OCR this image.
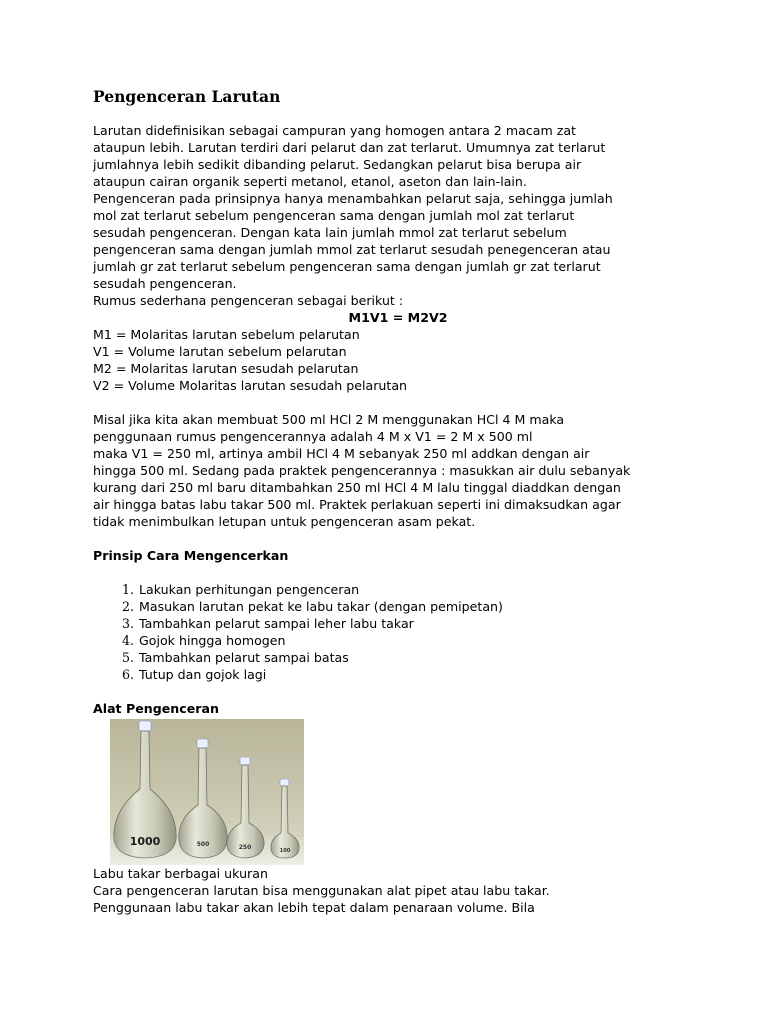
Pengenceran Larutan

Larutan didefinisikan sebagai campuran yang homogen antara 2 macam zat

ataupun lebih. Larutan terdiri dari pelarut dan zat terlarut. Umumnya zat terlarut

jumlahnya lebih sedikit dibanding pelarut. Sedangkan pelarut bisa berupa air

ataupun cairan organik seperti metanol, etanol, aseton dan lain-lain.

Pengenceran pada prinsipnya hanya menambahkan pelarut saja, sehingga jumlah

mol zat terlarut sebelum pengenceran sama dengan jumlah mol zat terlarut

sesudah pengenceran. Dengan kata lain jumlah mmol zat terlarut sebelum

pengenceran sama dengan jumlah mmol zat terlarut sesudah penegenceran atau

jumlah gr zat terlarut sebelum pengenceran sama dengan jumlah gr zat terlarut

sesudah pengenceran.

Rumus sederhana pengenceran sebagai berikut :

M1V1 = M2V2

M1 = Molaritas larutan sebelum pelarutan

V1 = Volume larutan sebelum pelarutan

M2 = Molaritas larutan sesudah pelarutan

V2 = Volume Molaritas larutan sesudah pelarutan

Misal jika kita akan membuat 500 ml HCl 2 M menggunakan HCl 4 M maka

penggunaan rumus pengencerannya adalah 4 M x V1 = 2 M x 500 ml

maka V1 = 250 ml, artinya ambil HCl 4 M sebanyak 250 ml addkan dengan air

hingga 500 ml. Sedang pada praktek pengencerannya : masukkan air dulu sebanyak

kurang dari 250 ml baru ditambahkan 250 ml HCl 4 M lalu tinggal diaddkan dengan

air hingga batas labu takar 500 ml. Praktek perlakuan seperti ini dimaksudkan agar

tidak menimbulkan letupan untuk pengenceran asam pekat.

Prinsip Cara Mengencerkan

1. Lakukan perhitungan pengenceran
2. Masukan larutan pekat ke labu takar (dengan pemipetan)
3. Tambahkan pelarut sampai leher labu takar
4. Gojok hingga homogen
5. Tambahkan pelarut sampai batas
6. Tutup dan gojok lagi

Alat Pengenceran

1000	500	250	100

Labu takar berbagai ukuran

Cara pengenceran larutan bisa menggunakan alat pipet atau labu takar.

Penggunaan labu takar akan lebih tepat dalam penaraan volume. Bila
